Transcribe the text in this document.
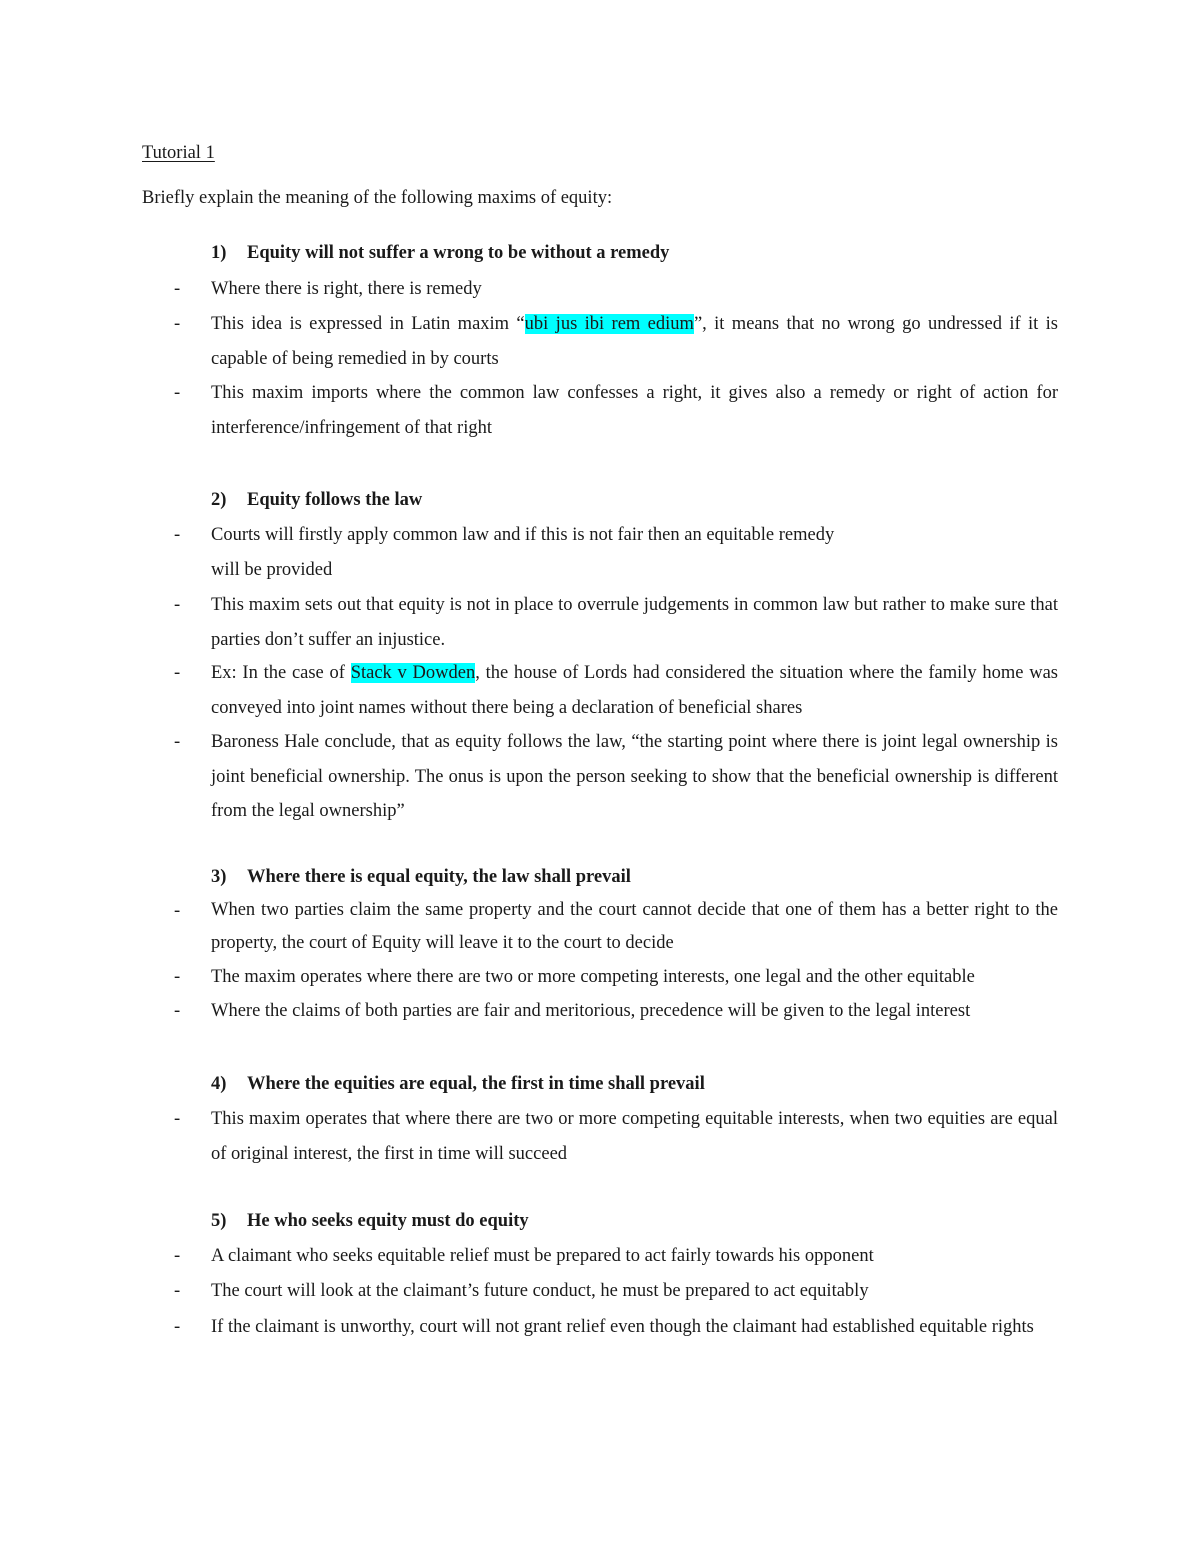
Tutorial 1

Briefly explain the meaning of the following maxims of equity:

1) Equity will not suffer a wrong to be without a remedy
- Where there is right, there is remedy
- This idea is expressed in Latin maxim “ubi jus ibi rem edium”, it means that no wrong go undressed if it is capable of being remedied in by courts
- This maxim imports where the common law confesses a right, it gives also a remedy or right of action for interference/infringement of that right
2) Equity follows the law
- Courts will firstly apply common law and if this is not fair then an equitable remedy
will be provided
- This maxim sets out that equity is not in place to overrule judgements in common law but rather to make sure that parties don’t suffer an injustice.
- Ex: In the case of Stack v Dowden, the house of Lords had considered the situation where the family home was conveyed into joint names without there being a declaration of beneficial shares
- Baroness Hale conclude, that as equity follows the law, “the starting point where there is joint legal ownership is joint beneficial ownership. The onus is upon the person seeking to show that the beneficial ownership is different from the legal ownership”
3) Where there is equal equity, the law shall prevail
- When two parties claim the same property and the court cannot decide that one of them has a better right to the property, the court of Equity will leave it to the court to decide
- The maxim operates where there are two or more competing interests, one legal and the other equitable
- Where the claims of both parties are fair and meritorious, precedence will be given to the legal interest
4) Where the equities are equal, the first in time shall prevail
- This maxim operates that where there are two or more competing equitable interests, when two equities are equal of original interest, the first in time will succeed
5) He who seeks equity must do equity
- A claimant who seeks equitable relief must be prepared to act fairly towards his opponent
- The court will look at the claimant’s future conduct, he must be prepared to act equitably
- If the claimant is unworthy, court will not grant relief even though the claimant had established equitable rights
